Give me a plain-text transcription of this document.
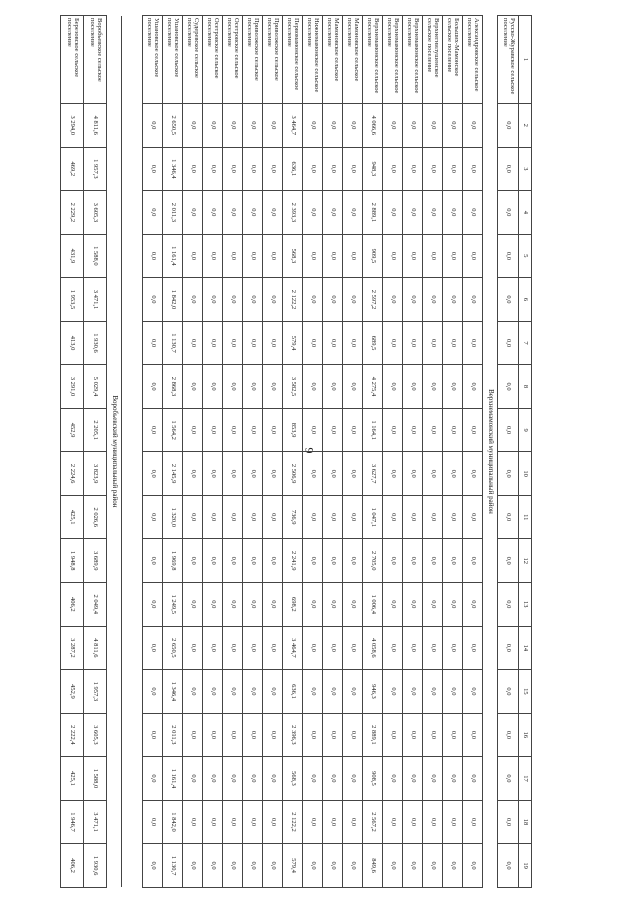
9
1	2	3	4	5	6	7	8	9	10	11	12	13	14	15	16	17	18	19
Русско-Журавское сельское поселение	0,0	0,0	0,0	0,0	0,0	0,0	0,0	0,0	0,0	0,0	0,0	0,0	0,0	0,0	0,0	0,0	0,0	0,0
Верхнемамонский муниципальный район																		
Александровское сельское поселение	0,0	0,0	0,0	0,0	0,0	0,0	0,0	0,0	0,0	0,0	0,0	0,0	0,0	0,0	0,0	0,0	0,0	0,0
Больших-Мамонское сельское поселение	0,0	0,0	0,0	0,0	0,0	0,0	0,0	0,0	0,0	0,0	0,0	0,0	0,0	0,0	0,0	0,0	0,0	0,0
Верхнегнилушенское сельское поселение	0,0	0,0	0,0	0,0	0,0	0,0	0,0	0,0	0,0	0,0	0,0	0,0	0,0	0,0	0,0	0,0	0,0	0,0
Верхнемамонское сельское поселение	0,0	0,0	0,0	0,0	0,0	0,0	0,0	0,0	0,0	0,0	0,0	0,0	0,0	0,0	0,0	0,0	0,0	0,0
Верхнемамонское сельское поселение	0,0	0,0	0,0	0,0	0,0	0,0	0,0	0,0	0,0	0,0	0,0	0,0	0,0	0,0	0,0	0,0	0,0	0,0
Верхнемамонское сельское поселение	4 066,6	948,3	2 889,1	909,5	2 597,2	689,5	4 275,4	1 164,1	3 627,7	1 047,1	2 705,0	1 006,4	4 058,6	946,3	2 889,1	908,5	2 567,2	849,6
Мамоновское сельское поселение	0,0	0,0	0,0	0,0	0,0	0,0	0,0	0,0	0,0	0,0	0,0	0,0	0,0	0,0	0,0	0,0	0,0	0,0
Мамоновское сельское поселение	0,0	0,0	0,0	0,0	0,0	0,0	0,0	0,0	0,0	0,0	0,0	0,0	0,0	0,0	0,0	0,0	0,0	0,0
Нижнемамонское сельское поселение	0,0	0,0	0,0	0,0	0,0	0,0	0,0	0,0	0,0	0,0	0,0	0,0	0,0	0,0	0,0	0,0	0,0	0,0
Первомамонское сельское поселение	3 464,7	636,1	2 393,3	568,3	2 122,2	579,4	3 582,5	853,9	2 506,9	736,9	2 241,9	698,2	3 464,7	636,1	2 396,3	568,3	2 122,2	579,4
Приволжское сельское поселение	0,0	0,0	0,0	0,0	0,0	0,0	0,0	0,0	0,0	0,0	0,0	0,0	0,0	0,0	0,0	0,0	0,0	0,0
Приволжское сельское поселение	0,0	0,0	0,0	0,0	0,0	0,0	0,0	0,0	0,0	0,0	0,0	0,0	0,0	0,0	0,0	0,0	0,0	0,0
Осетровское сельское поселение	0,0	0,0	0,0	0,0	0,0	0,0	0,0	0,0	0,0	0,0	0,0	0,0	0,0	0,0	0,0	0,0	0,0	0,0
Осетровское сельское поселение	0,0	0,0	0,0	0,0	0,0	0,0	0,0	0,0	0,0	0,0	0,0	0,0	0,0	0,0	0,0	0,0	0,0	0,0
Судеревское сельское поселение	0,0	0,0	0,0	0,0	0,0	0,0	0,0	0,0	0,0	0,0	0,0	0,0	0,0	0,0	0,0	0,0	0,0	0,0
Ушановское сельское поселение	2 650,5	1 346,4	2 011,3	1 161,4	1 842,0	1 130,7	2 868,3	1 564,2	2 145,9	1 320,0	1 969,8	1 249,5	2 650,5	1 346,4	2 011,3	1 161,4	1 842,0	1 130,7
Ушановское сельское поселение	0,0	0,0	0,0	0,0	0,0	0,0	0,0	0,0	0,0	0,0	0,0	0,0	0,0	0,0	0,0	0,0	0,0	0,0

Воробьевский муниципальный район																		
Воробьевское сельское поселение	4 811,6	1 957,3	3 605,3	1 588,0	3 471,1	1 930,6	5 029,4	2 205,1	3 823,9	2 026,6	3 689,9	2 049,4	4 811,6	1 957,3	3 605,3	1 588,0	3 471,1	1 930,6
Березовское сельское поселение	3 294,0	469,2	2 229,2	431,9	1 953,5	413,0	3 291,0	452,9	2 224,6	425,1	1 948,8	406,2	3 287,2	452,9	2 222,4	425,1	1 946,7	406,2
